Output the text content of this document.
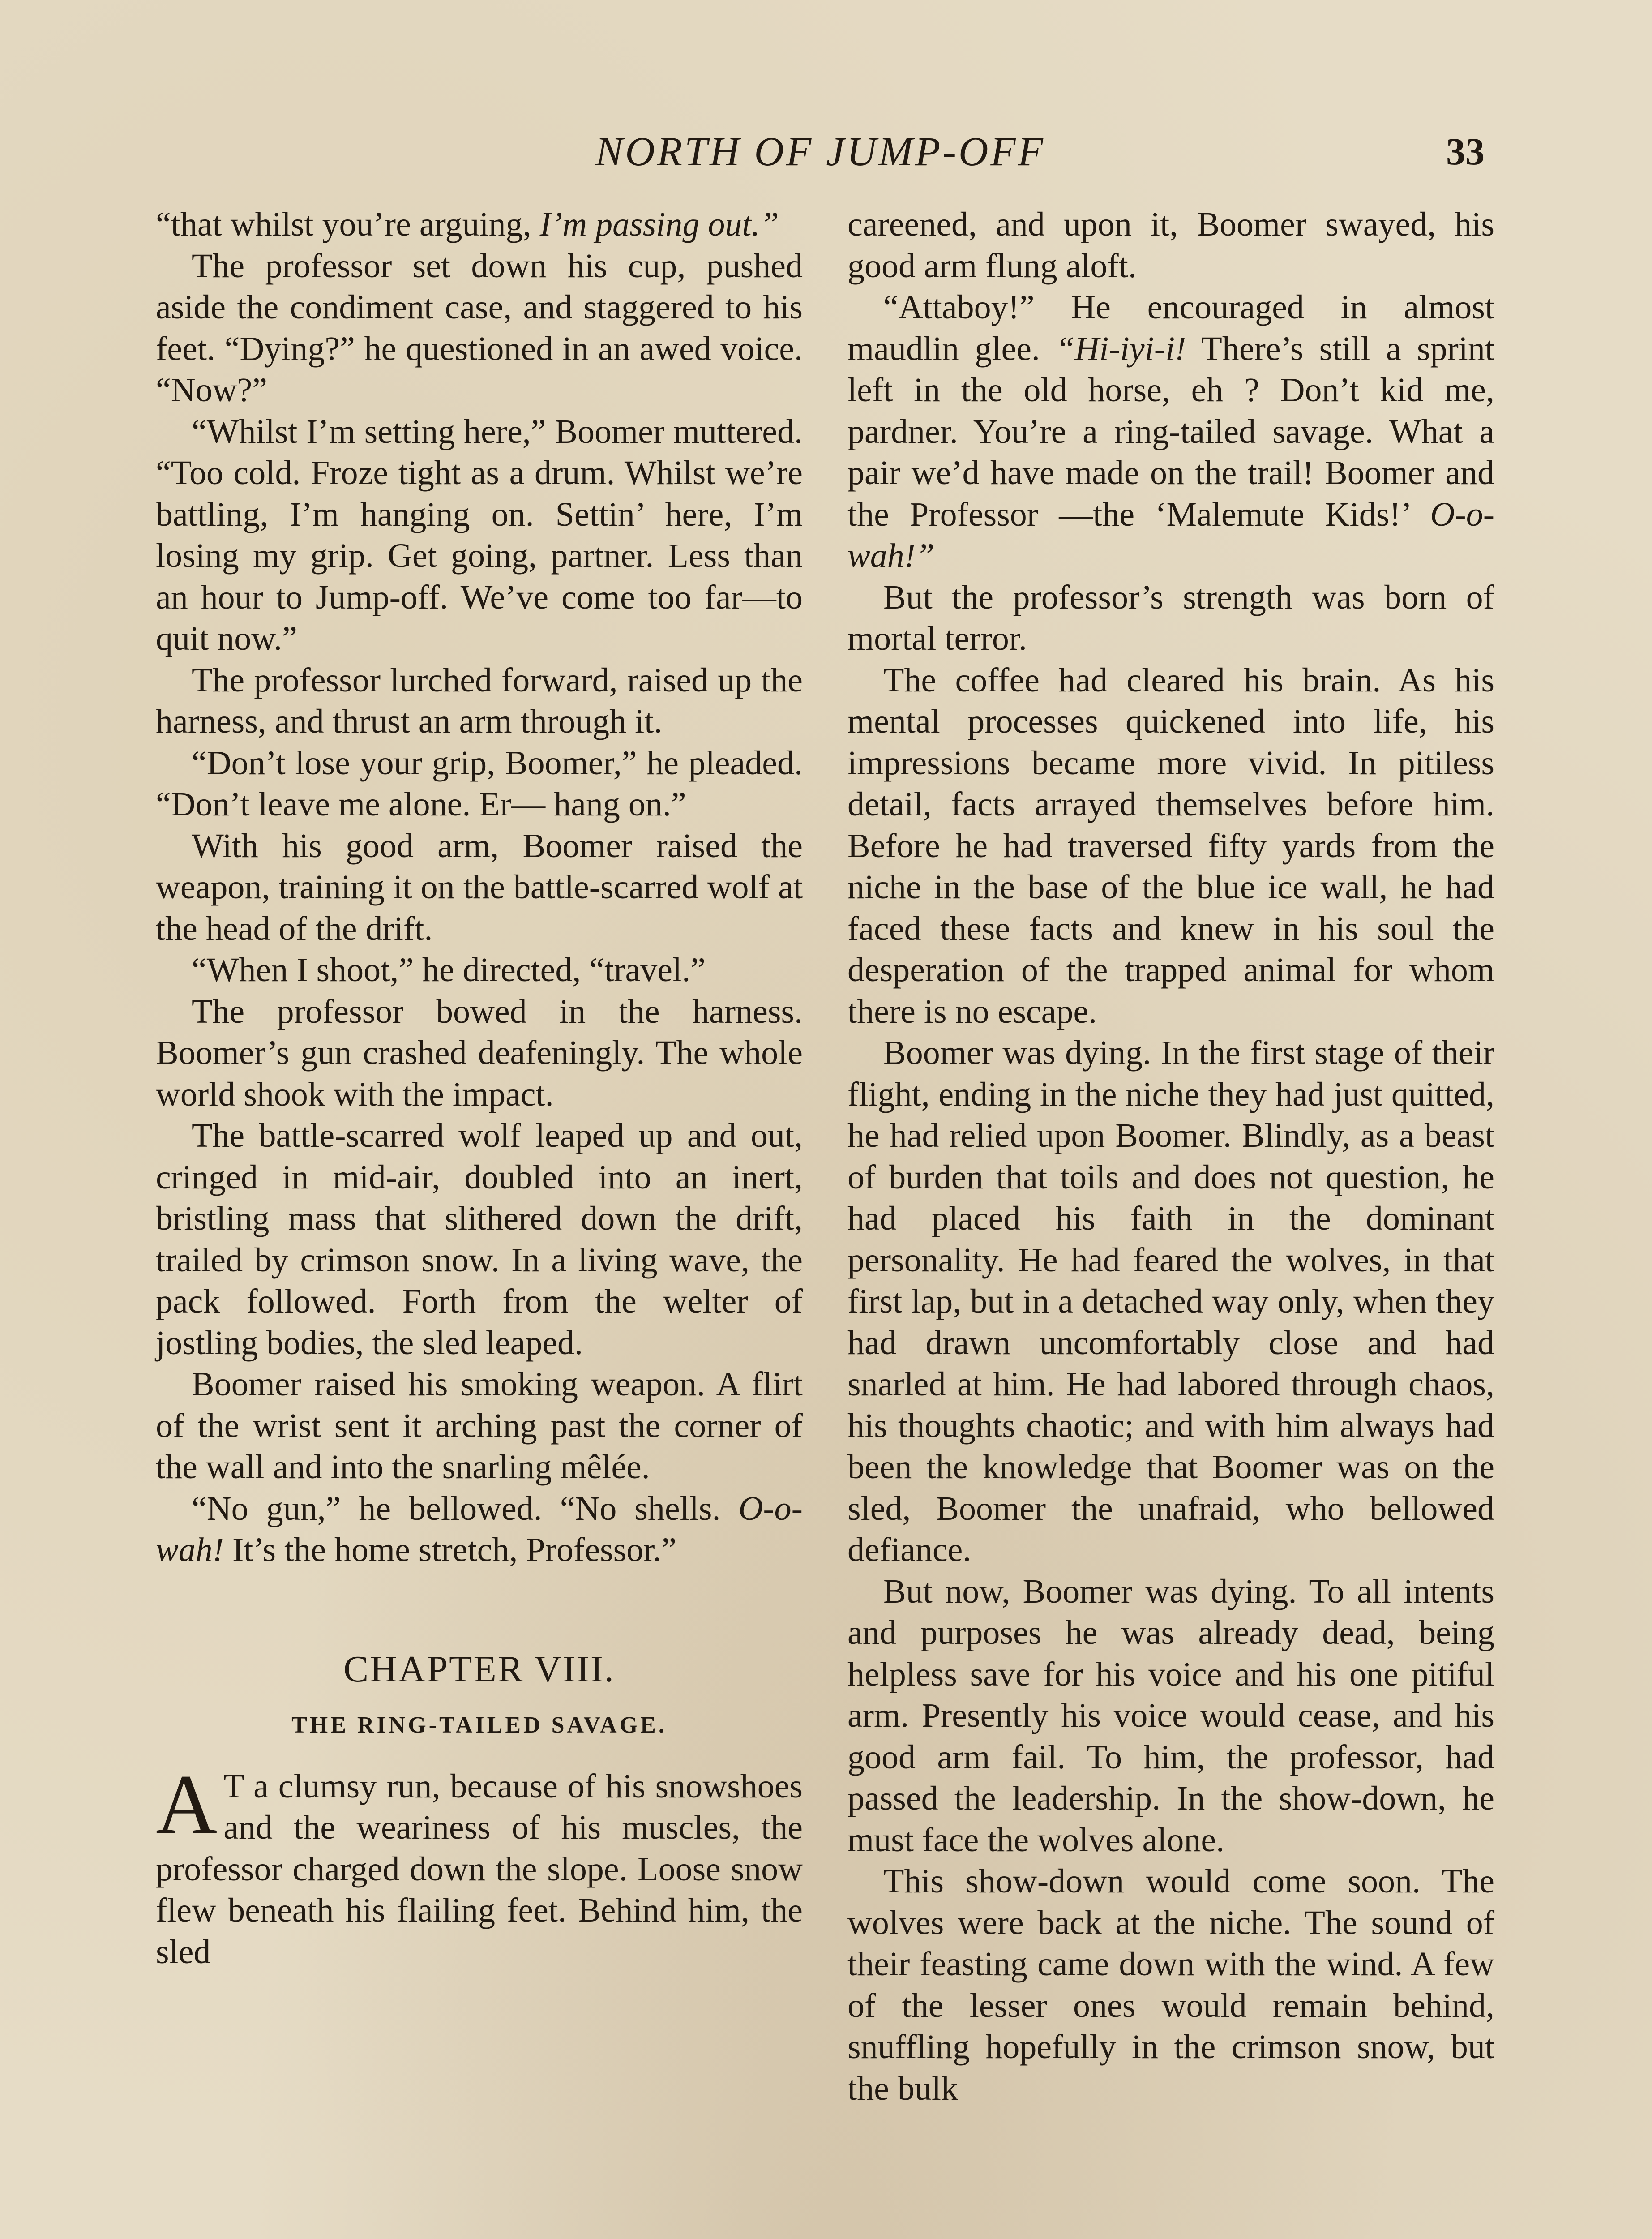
NORTH OF JUMP-OFF	33

“that whilst you’re arguing, I’m passing out.”

The professor set down his cup, pushed aside the condiment case, and staggered to his feet. “Dying?” he questioned in an awed voice. “Now?”

“Whilst I’m setting here,” Boomer muttered. “Too cold. Froze tight as a drum. Whilst we’re battling, I’m hanging on. Settin’ here, I’m losing my grip. Get going, partner. Less than an hour to Jump-off. We’ve come too far—to quit now.”

The professor lurched forward, raised up the harness, and thrust an arm through it.

“Don’t lose your grip, Boomer,” he pleaded. “Don’t leave me alone. Er— hang on.”

With his good arm, Boomer raised the weapon, training it on the battle-scarred wolf at the head of the drift.

“When I shoot,” he directed, “travel.”

The professor bowed in the harness. Boomer’s gun crashed deafeningly. The whole world shook with the impact.

The battle-scarred wolf leaped up and out, cringed in mid-air, doubled into an inert, bristling mass that slithered down the drift, trailed by crimson snow. In a living wave, the pack followed. Forth from the welter of jostling bodies, the sled leaped.

Boomer raised his smoking weapon. A flirt of the wrist sent it arching past the corner of the wall and into the snarling mêlée.

“No gun,” he bellowed. “No shells. O-o-wah! It’s the home stretch, Professor.”

CHAPTER VIII.
THE RING-TAILED SAVAGE.

A T a clumsy run, because of his snowshoes and the weariness of his muscles, the professor charged down the slope. Loose snow flew beneath his flailing feet. Behind him, the sled

careened, and upon it, Boomer swayed, his good arm flung aloft.

“Attaboy!” He encouraged in almost maudlin glee. “Hi-iyi-i! There’s still a sprint left in the old horse, eh ? Don’t kid me, pardner. You’re a ring-tailed savage. What a pair we’d have made on the trail! Boomer and the Professor —the ‘Malemute Kids!’ O-o-wah!”

But the professor’s strength was born of mortal terror.

The coffee had cleared his brain. As his mental processes quickened into life, his impressions became more vivid. In pitiless detail, facts arrayed themselves before him. Before he had traversed fifty yards from the niche in the base of the blue ice wall, he had faced these facts and knew in his soul the desperation of the trapped animal for whom there is no escape.

Boomer was dying. In the first stage of their flight, ending in the niche they had just quitted, he had relied upon Boomer. Blindly, as a beast of burden that toils and does not question, he had placed his faith in the dominant personality. He had feared the wolves, in that first lap, but in a detached way only, when they had drawn uncomfortably close and had snarled at him. He had labored through chaos, his thoughts chaotic; and with him always had been the knowledge that Boomer was on the sled, Boomer the unafraid, who bellowed defiance.

But now, Boomer was dying. To all intents and purposes he was already dead, being helpless save for his voice and his one pitiful arm. Presently his voice would cease, and his good arm fail. To him, the professor, had passed the leadership. In the show-down, he must face the wolves alone.

This show-down would come soon. The wolves were back at the niche. The sound of their feasting came down with the wind. A few of the lesser ones would remain behind, snuffling hopefully in the crimson snow, but the bulk
